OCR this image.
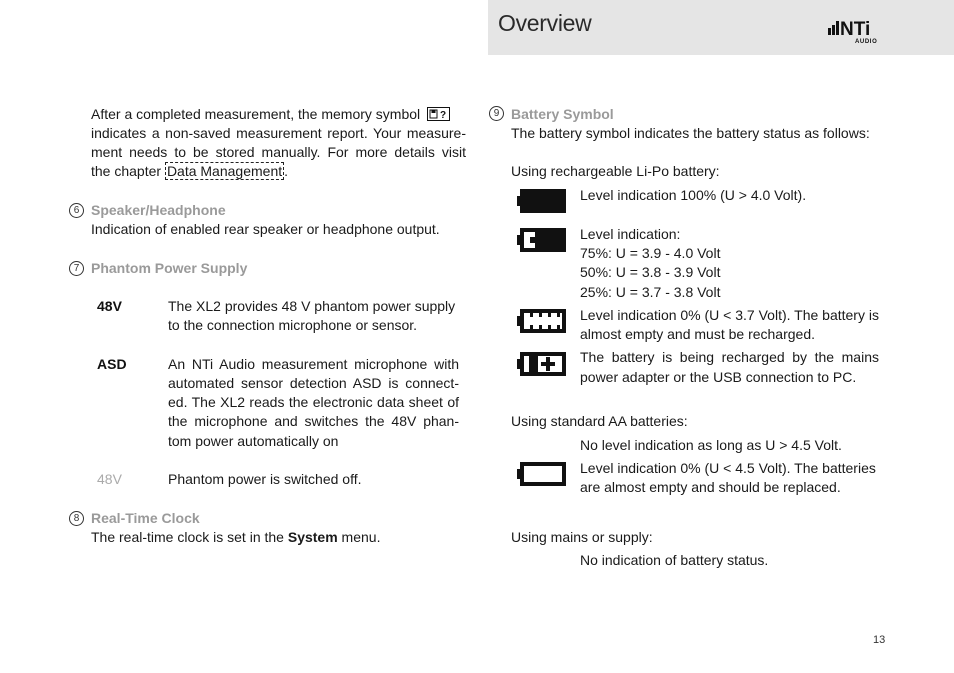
Overview	NTi
AUDIO
After a completed measurement, the memory symbol ?
indicates a non-saved measurement report. Your measure-
ment needs to be stored manually. For more details visit
the chapter Data Management .
6 Speaker/Headphone
Indication of enabled rear speaker or headphone output.
7 Phantom Power Supply
48V	The XL2 provides 48 V phantom power supply
to the connection microphone or sensor.
ASD	An NTi Audio measurement microphone with
automated sensor detection ASD is connect-
ed. The XL2 reads the electronic data sheet of
the microphone and switches the 48V phan-
tom power automatically on
48V	Phantom power is switched off.
8 Real-Time Clock
The real-time clock is set in the System menu.
9 Battery Symbol
The battery symbol indicates the battery status as follows:
Using rechargeable Li-Po battery:
Level indication 100% (U > 4.0 Volt).
Level indication:
75%: U = 3.9 - 4.0 Volt
50%: U = 3.8 - 3.9 Volt
25%: U = 3.7 - 3.8 Volt
Level indication 0% (U < 3.7 Volt). The battery is
almost empty and must be recharged.
The battery is being recharged by the mains
power adapter or the USB connection to PC.
Using standard AA batteries:
No level indication as long as U > 4.5 Volt.
Level indication 0% (U < 4.5 Volt). The batteries
are almost empty and should be replaced.
Using mains or supply:
No indication of battery status.
13
